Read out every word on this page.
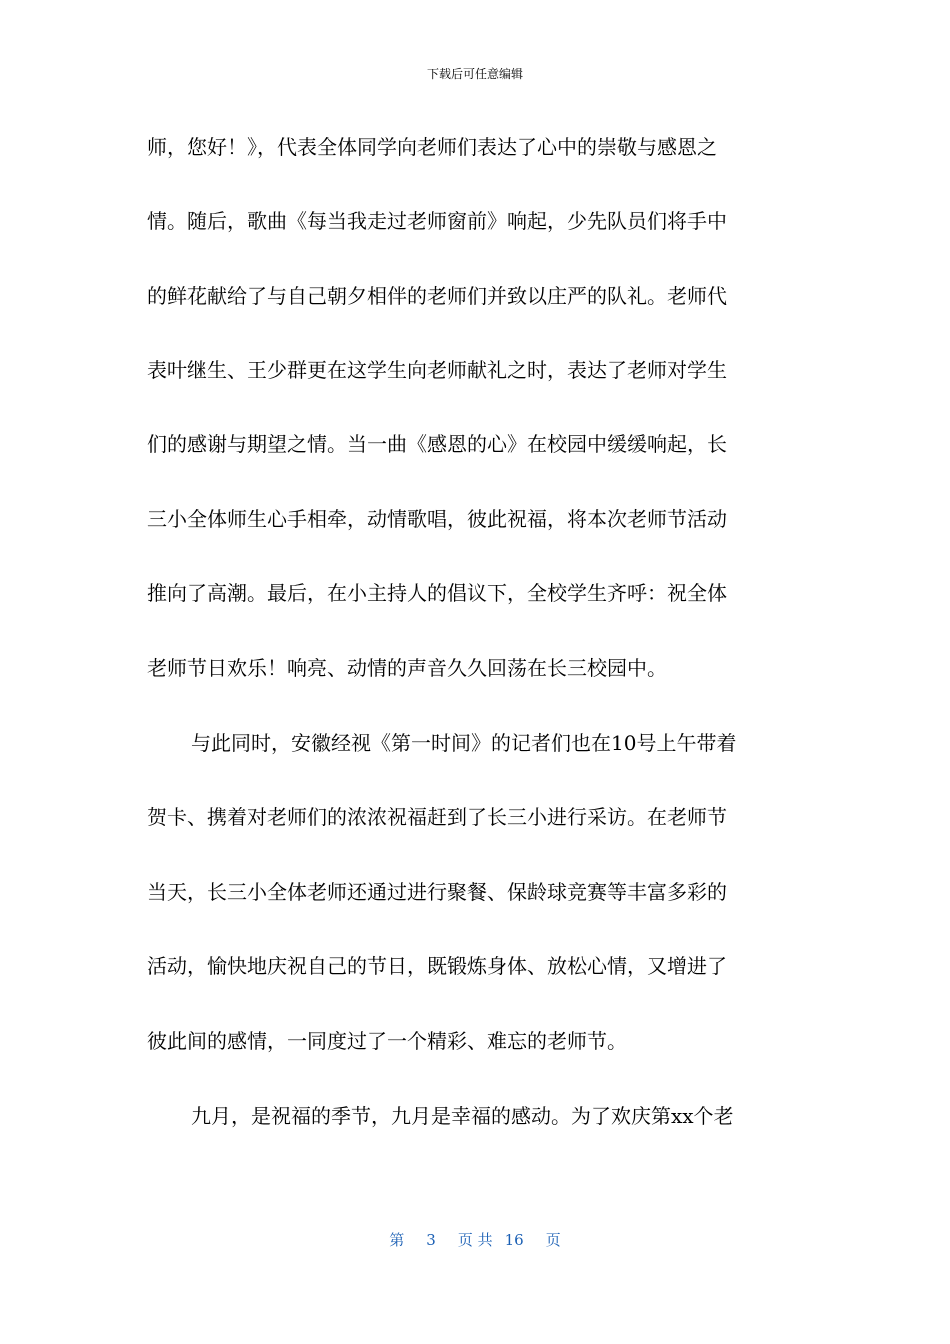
下载后可任意编辑
师，您好！》，代表全体同学向老师们表达了心中的崇敬与感恩之
情。随后，歌曲《每当我走过老师窗前》响起，少先队员们将手中
的鲜花献给了与自己朝夕相伴的老师们并致以庄严的队礼。老师代
表叶继生、王少群更在这学生向老师献礼之时，表达了老师对学生
们的感谢与期望之情。当一曲《感恩的心》在校园中缓缓响起，长
三小全体师生心手相牵，动情歌唱，彼此祝福，将本次老师节活动
推向了高潮。最后，在小主持人的倡议下，全校学生齐呼：祝全体
老师节日欢乐！响亮、动情的声音久久回荡在长三校园中。
与此同时，安徽经视《第一时间》的记者们也在10号上午带着
贺卡、携着对老师们的浓浓祝福赶到了长三小进行采访。在老师节
当天，长三小全体老师还通过进行聚餐、保龄球竞赛等丰富多彩的
活动，愉快地庆祝自己的节日，既锻炼身体、放松心情，又增进了
彼此间的感情，一同度过了一个精彩、难忘的老师节。
九月，是祝福的季节，九月是幸福的感动。为了欢庆第xx个老
第 3 页 共 16 页
